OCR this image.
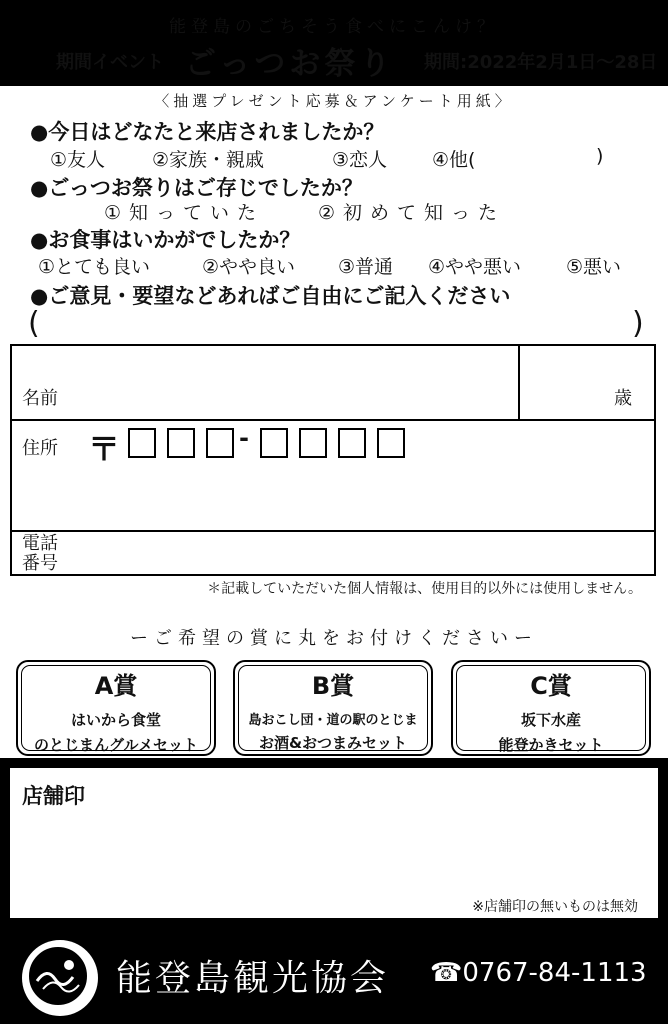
能登島のごちそう食べにこんけ？
期間イベント ごっつお祭り 期間:2022年2月1日〜28日
〈抽選プレゼント応募＆アンケート用紙〉
●今日はどなたと来店されましたか？
①友人 ②家族・親戚	③恋人 ④他(	)
●ごっつお祭りはご存じでしたか？
①知っていた	②初めて知った
●お食事はいかがでしたか？
①とても良い	②やや良い ③普通 ④やや悪い ⑤悪い
●ご意見・要望などあればご自由にご記入ください
(	)
名前	歳
住所 〒	-
電話
番号
＊記載していただいた個人情報は、使用目的以外には使用しません。
ーご希望の賞に丸をお付けくださいー
A賞
はいから食堂
のとじまんグルメセット
B賞
島おこし団・道の駅のとじま
お酒&おつまみセット
C賞
坂下水産
能登かきセット
店舗印
※店舗印の無いものは無効
能登島観光協会 ☎0767-84-1113
